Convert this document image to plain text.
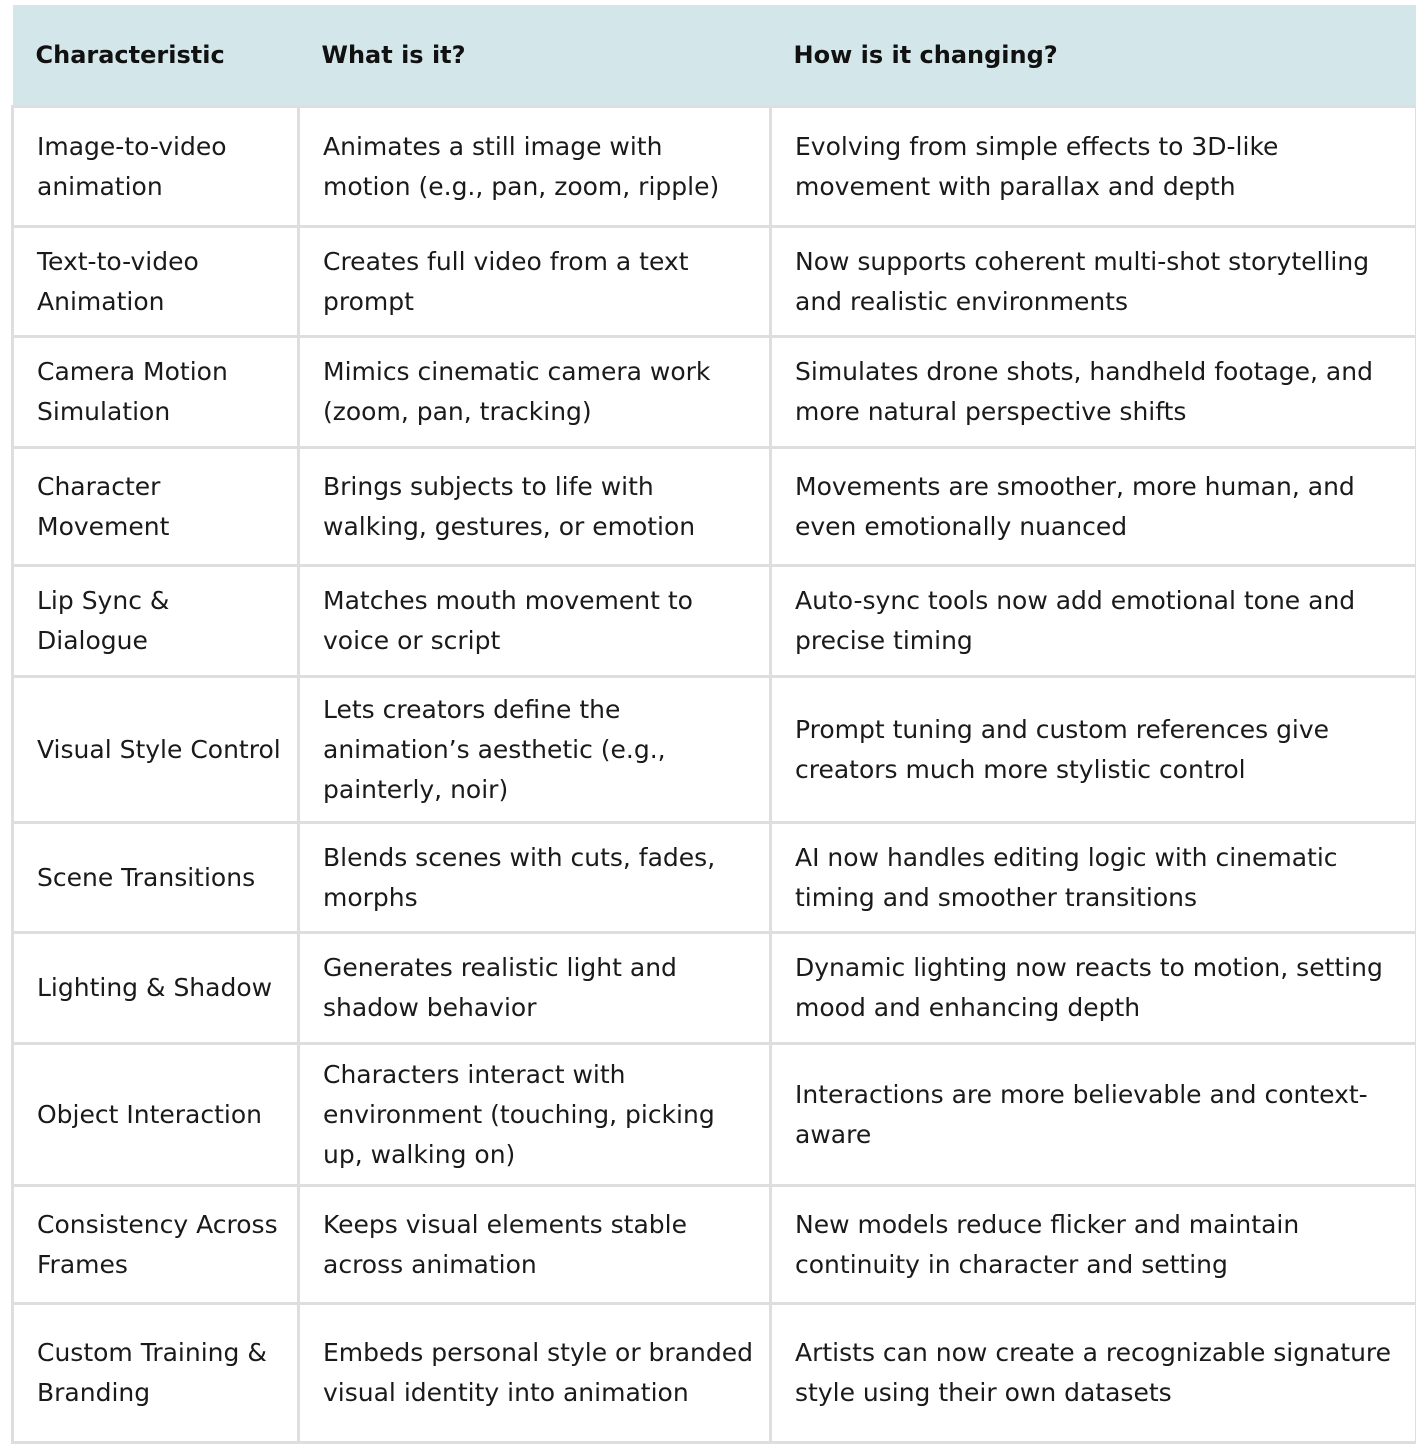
Characteristic	What is it?	How is it changing?
Image-to-video animation	Animates a still image with motion (e.g., pan, zoom, ripple)	Evolving from simple effects to 3D-like movement with parallax and depth
Text-to-video Animation	Creates full video from a text prompt	Now supports coherent multi-shot storytelling and realistic environments
Camera Motion Simulation	Mimics cinematic camera work (zoom, pan, tracking)	Simulates drone shots, handheld footage, and more natural perspective shifts
Character Movement	Brings subjects to life with walking, gestures, or emotion	Movements are smoother, more human, and even emotionally nuanced
Lip Sync & Dialogue	Matches mouth movement to voice or script	Auto-sync tools now add emotional tone and precise timing
Visual Style Control	Lets creators define the animation’s aesthetic (e.g., painterly, noir)	Prompt tuning and custom references give creators much more stylistic control
Scene Transitions	Blends scenes with cuts, fades, morphs	AI now handles editing logic with cinematic timing and smoother transitions
Lighting & Shadow	Generates realistic light and shadow behavior	Dynamic lighting now reacts to motion, setting mood and enhancing depth
Object Interaction	Characters interact with environment (touching, picking up, walking on)	Interactions are more believable and context-aware
Consistency Across Frames	Keeps visual elements stable across animation	New models reduce flicker and maintain continuity in character and setting
Custom Training & Branding	Embeds personal style or branded visual identity into animation	Artists can now create a recognizable signature style using their own datasets
